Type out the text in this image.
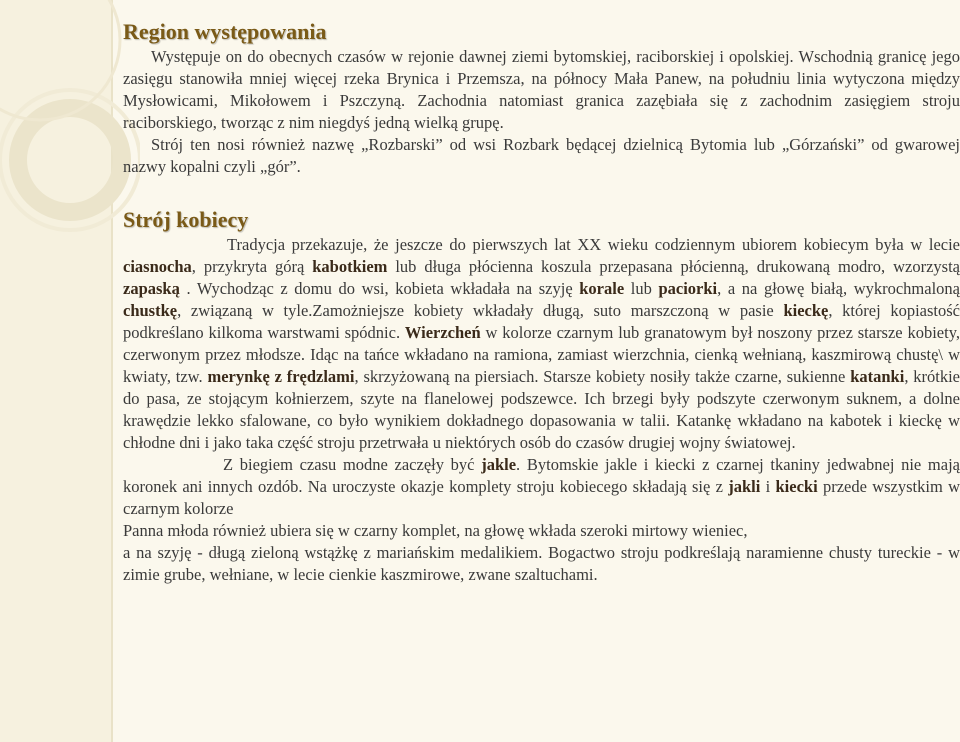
Region występowania

Występuje on do obecnych czasów w rejonie dawnej ziemi bytomskiej, raciborskiej i opolskiej. Wschodnią granicę jego zasięgu stanowiła mniej więcej rzeka Brynica i Przemsza, na północy Mała Panew, na południu linia wytyczona między Mysłowicami, Mikołowem i Pszczyną. Zachodnia natomiast granica zazębiała się z zachodnim zasięgiem stroju raciborskiego, tworząc z nim niegdyś jedną wielką grupę.

Strój ten nosi również nazwę „Rozbarski” od wsi Rozbark będącej dzielnicą Bytomia lub „Górzański” od gwarowej nazwy kopalni czyli „gór”.

Strój kobiecy

Tradycja przekazuje, że jeszcze do pierwszych lat XX wieku codziennym ubiorem kobiecym była w lecie ciasnocha, przykryta górą kabotkiem lub długa płócienna koszula przepasana płócienną, drukowaną modro, wzorzystą zapaską . Wychodząc z domu do wsi, kobieta wkładała na szyję korale lub paciorki, a na głowę białą, wykrochmaloną chustkę, związaną w tyle.Zamożniejsze kobiety wkładały długą, suto marszczoną w pasie kieckę, której kopiastość podkreślano kilkoma warstwami spódnic. Wierzcheń w kolorze czarnym lub granatowym był noszony przez starsze kobiety, czerwonym przez młodsze. Idąc na tańce wkładano na ramiona, zamiast wierzchnia, cienką wełnianą, kaszmirową chustę\ w kwiaty, tzw. merynkę z frędzlami, skrzyżowaną na piersiach. Starsze kobiety nosiły także czarne, sukienne katanki, krótkie do pasa, ze stojącym kołnierzem, szyte na flanelowej podszewce. Ich brzegi były podszyte czerwonym suknem, a dolne krawędzie lekko sfalowane, co było wynikiem dokładnego dopasowania w talii. Katankę wkładano na kabotek i kieckę w chłodne dni i jako taka część stroju przetrwała u niektórych osób do czasów drugiej wojny światowej.

Z biegiem czasu modne zaczęły być jakle. Bytomskie jakle i kiecki z czarnej tkaniny jedwabnej nie mają koronek ani innych ozdób. Na uroczyste okazje komplety stroju kobiecego składają się z jakli i kiecki przede wszystkim w czarnym kolorze

Panna młoda również ubiera się w czarny komplet, na głowę wkłada szeroki mirtowy wieniec,

a na szyję - długą zieloną wstążkę z mariańskim medalikiem. Bogactwo stroju podkreślają naramienne chusty tureckie - w zimie grube, wełniane, w lecie cienkie kaszmirowe, zwane szaltuchami.
